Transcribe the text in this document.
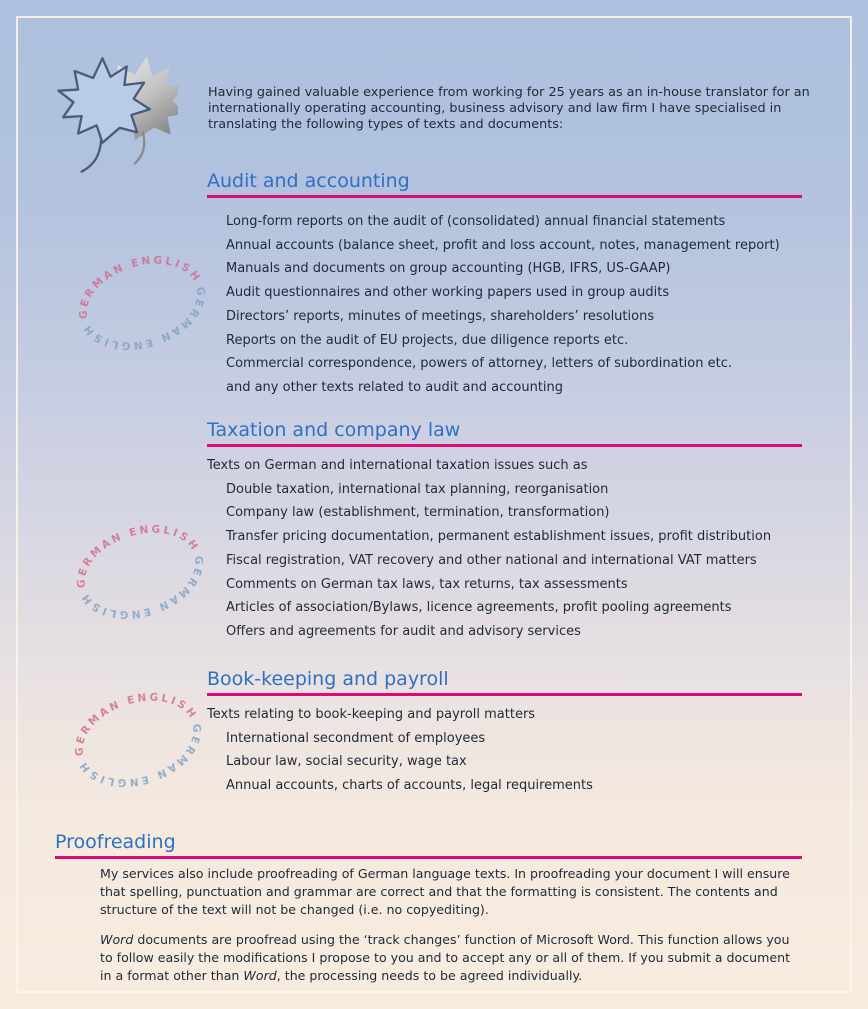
Having gained valuable experience from working for 25 years as an in-house translator for an internationally operating accounting, business advisory and law firm I have specialised in translating the following types of texts and documents:

Audit and accounting
Long-form reports on the audit of (consolidated) annual financial statements
Annual accounts (balance sheet, profit and loss account, notes, management report)
Manuals and documents on group accounting (HGB, IFRS, US-GAAP)
Audit questionnaires and other working papers used in group audits
Directors’ reports, minutes of meetings, shareholders’ resolutions
Reports on the audit of EU projects, due diligence reports etc.
Commercial correspondence, powers of attorney, letters of subordination etc.
and any other texts related to audit and accounting
Taxation and company law
Texts on German and international taxation issues such as
Double taxation, international tax planning, reorganisation
Company law (establishment, termination, transformation)
Transfer pricing documentation, permanent establishment issues, profit distribution
Fiscal registration, VAT recovery and other national and international VAT matters
Comments on German tax laws, tax returns, tax assessments
Articles of association/Bylaws, licence agreements, profit pooling agreements
Offers and agreements for audit and advisory services
Book-keeping and payroll
Texts relating to book-keeping and payroll matters
International secondment of employees
Labour law, social security, wage tax
Annual accounts, charts of accounts, legal requirements
Proofreading

My services also include proofreading of German language texts. In proofreading your document I will ensure that spelling, punctuation and grammar are correct and that the formatting is consistent. The contents and structure of the text will not be changed (i.e. no copyediting).

Word documents are proofread using the ‘track changes’ function of Microsoft Word. This function allows you to follow easily the modifications I propose to you and to accept any or all of them. If you submit a document in a format other than Word, the processing needs to be agreed individually.

GERMAN ENGLISH
GERMAN ENGLISH
GERMAN ENGLISH
GERMAN ENGLISH
GERMAN ENGLISH
GERMAN ENGLISH
